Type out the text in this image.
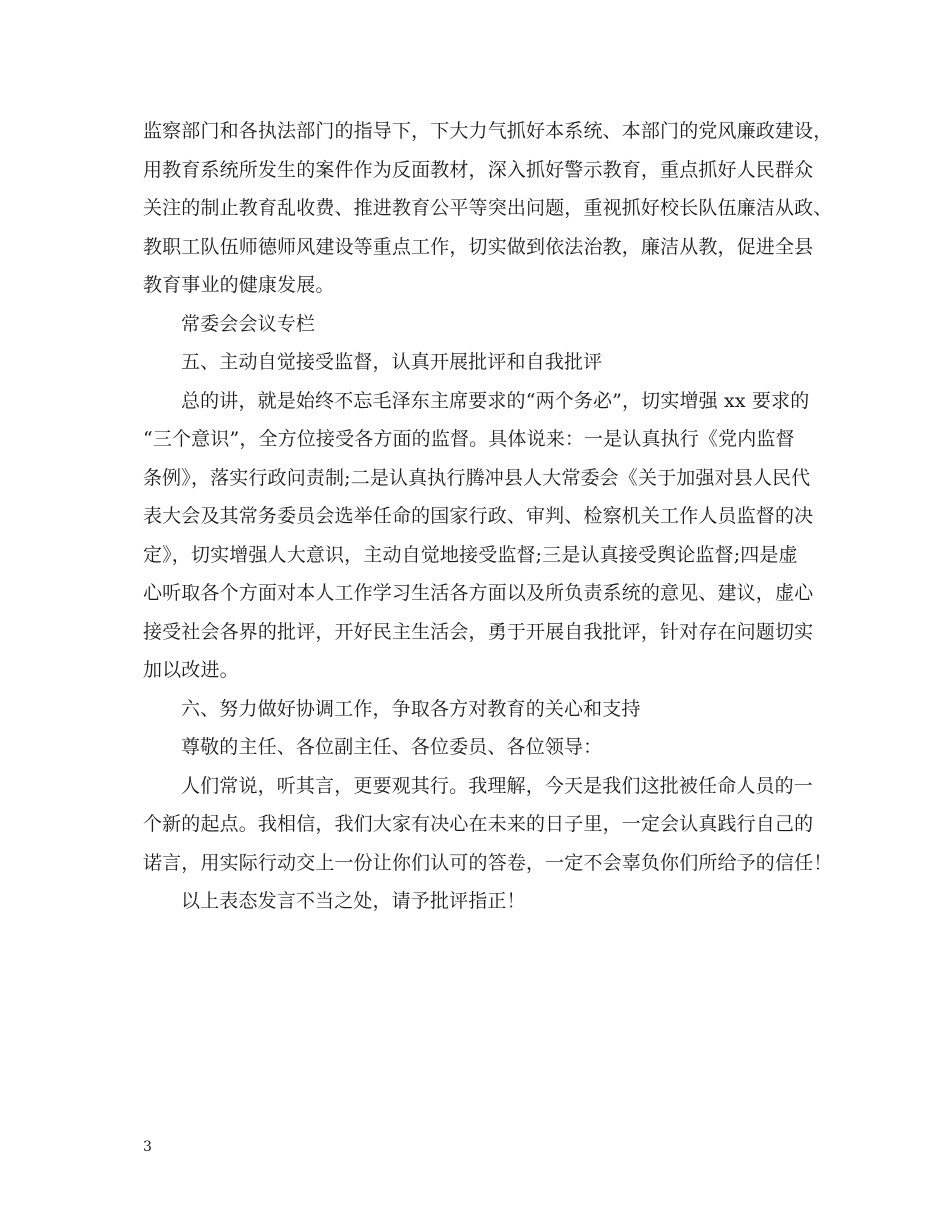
监察部门和各执法部门的指导下，下大力气抓好本系统、本部门的党风廉政建设，
用教育系统所发生的案件作为反面教材，深入抓好警示教育，重点抓好人民群众
关注的制止教育乱收费、推进教育公平等突出问题，重视抓好校长队伍廉洁从政、
教职工队伍师德师风建设等重点工作，切实做到依法治教，廉洁从教，促进全县
教育事业的健康发展。
常委会会议专栏
五、主动自觉接受监督，认真开展批评和自我批评
总的讲，就是始终不忘毛泽东主席要求的“两个务必”，切实增强 xx 要求的
“三个意识”，全方位接受各方面的监督。具体说来：一是认真执行《党内监督
条例》，落实行政问责制;二是认真执行腾冲县人大常委会《关于加强对县人民代
表大会及其常务委员会选举任命的国家行政、审判、检察机关工作人员监督的决
定》，切实增强人大意识，主动自觉地接受监督;三是认真接受舆论监督;四是虚
心听取各个方面对本人工作学习生活各方面以及所负责系统的意见、建议，虚心
接受社会各界的批评，开好民主生活会，勇于开展自我批评，针对存在问题切实
加以改进。
六、努力做好协调工作，争取各方对教育的关心和支持
尊敬的主任、各位副主任、各位委员、各位领导：
人们常说，听其言，更要观其行。我理解，今天是我们这批被任命人员的一
个新的起点。我相信，我们大家有决心在未来的日子里，一定会认真践行自己的
诺言，用实际行动交上一份让你们认可的答卷，一定不会辜负你们所给予的信任！
以上表态发言不当之处，请予批评指正！
3
